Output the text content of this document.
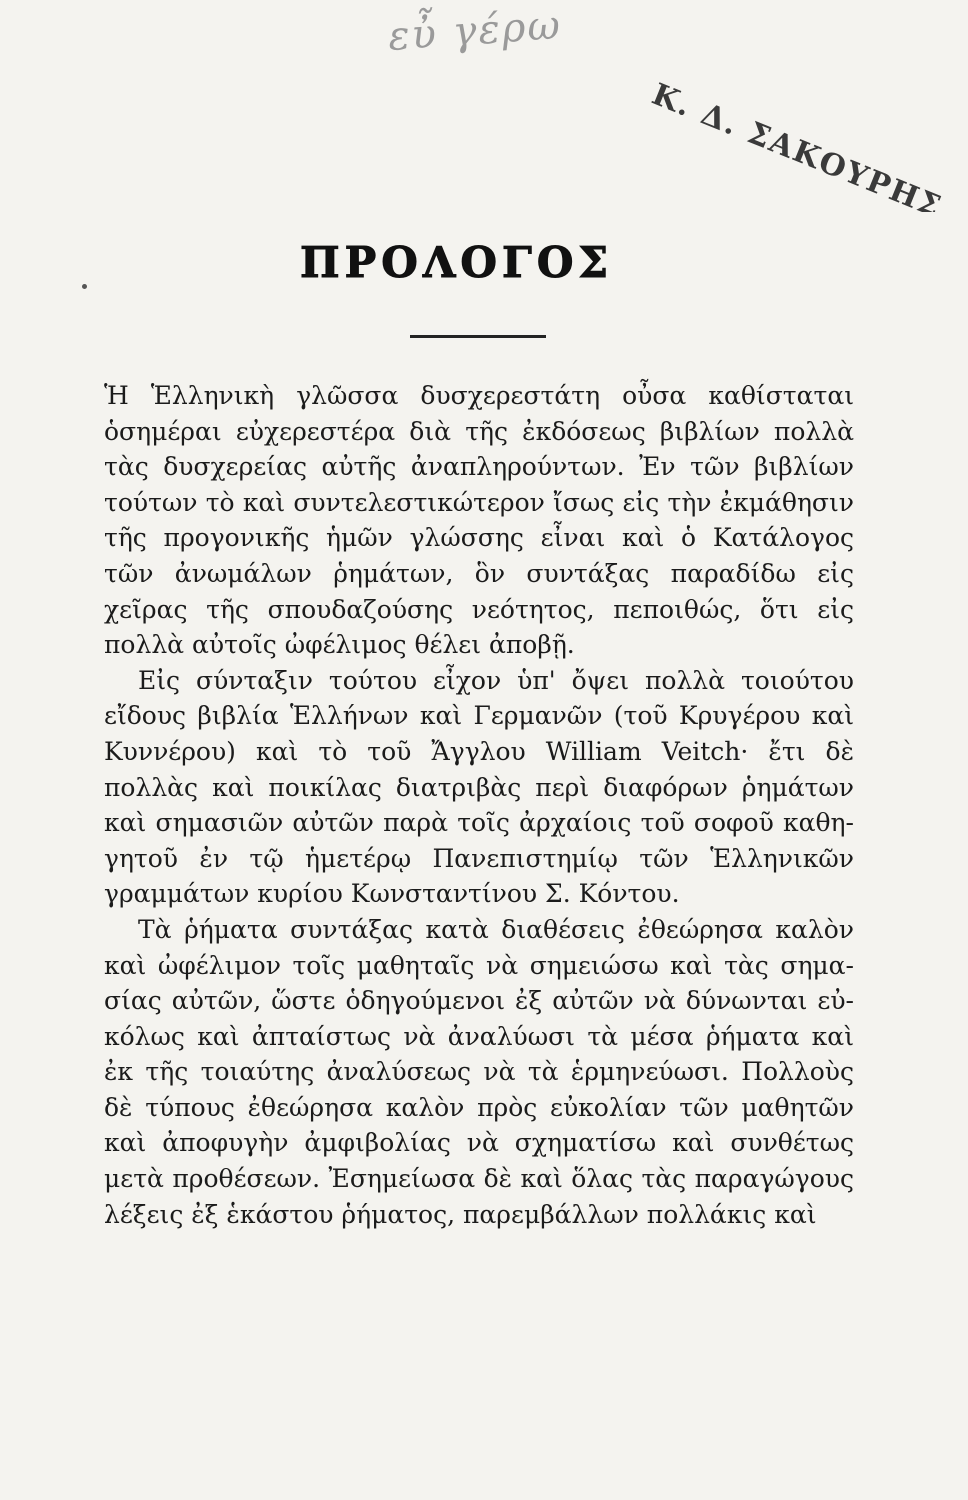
εὖ γέρω
Κ. Δ. ΣΑΚΟΥΡΗΣ
ΠΡΟΛΟΓΟΣ
Ἡ Ἑλληνικὴ γλῶσσα δυσχερεστάτη οὖσα καθίσταται
ὁσημέραι εὐχερεστέρα διὰ τῆς ἐκδόσεως βιβλίων πολλὰ
τὰς δυσχερείας αὐτῆς ἀναπληρούντων. Ἐν τῶν βιβλίων
τούτων τὸ καὶ συντελεστικώτερον ἴσως εἰς τὴν ἐκμάθησιν
τῆς προγονικῆς ἡμῶν γλώσσης εἶναι καὶ ὁ Κατάλογος
τῶν ἀνωμάλων ῥημάτων, ὃν συντάξας παραδίδω εἰς
χεῖρας τῆς σπουδαζούσης νεότητος, πεποιθώς, ὅτι εἰς
πολλὰ αὐτοῖς ὠφέλιμος θέλει ἀποβῇ.
Εἰς σύνταξιν τούτου εἶχον ὑπ' ὄψει πολλὰ τοιούτου
εἴδους βιβλία Ἑλλήνων καὶ Γερμανῶν (τοῦ Κρυγέρου καὶ
Κυννέρου) καὶ τὸ τοῦ Ἄγγλου William Veitch· ἔτι δὲ
πολλὰς καὶ ποικίλας διατριβὰς περὶ διαφόρων ῥημάτων
καὶ σημασιῶν αὐτῶν παρὰ τοῖς ἀρχαίοις τοῦ σοφοῦ καθη-
γητοῦ ἐν τῷ ἡμετέρῳ Πανεπιστημίῳ τῶν Ἑλληνικῶν
γραμμάτων κυρίου Κωνσταντίνου Σ. Κόντου.
Τὰ ῥήματα συντάξας κατὰ διαθέσεις ἐθεώρησα καλὸν
καὶ ὠφέλιμον τοῖς μαθηταῖς νὰ σημειώσω καὶ τὰς σημα-
σίας αὐτῶν, ὥστε ὁδηγούμενοι ἐξ αὐτῶν νὰ δύνωνται εὐ-
κόλως καὶ ἀπταίστως νὰ ἀναλύωσι τὰ μέσα ῥήματα καὶ
ἐκ τῆς τοιαύτης ἀναλύσεως νὰ τὰ ἑρμηνεύωσι. Πολλοὺς
δὲ τύπους ἐθεώρησα καλὸν πρὸς εὐκολίαν τῶν μαθητῶν
καὶ ἀποφυγὴν ἀμφιβολίας νὰ σχηματίσω καὶ συνθέτως
μετὰ προθέσεων. Ἐσημείωσα δὲ καὶ ὅλας τὰς παραγώγους
λέξεις ἐξ ἑκάστου ῥήματος, παρεμβάλλων πολλάκις καὶ
